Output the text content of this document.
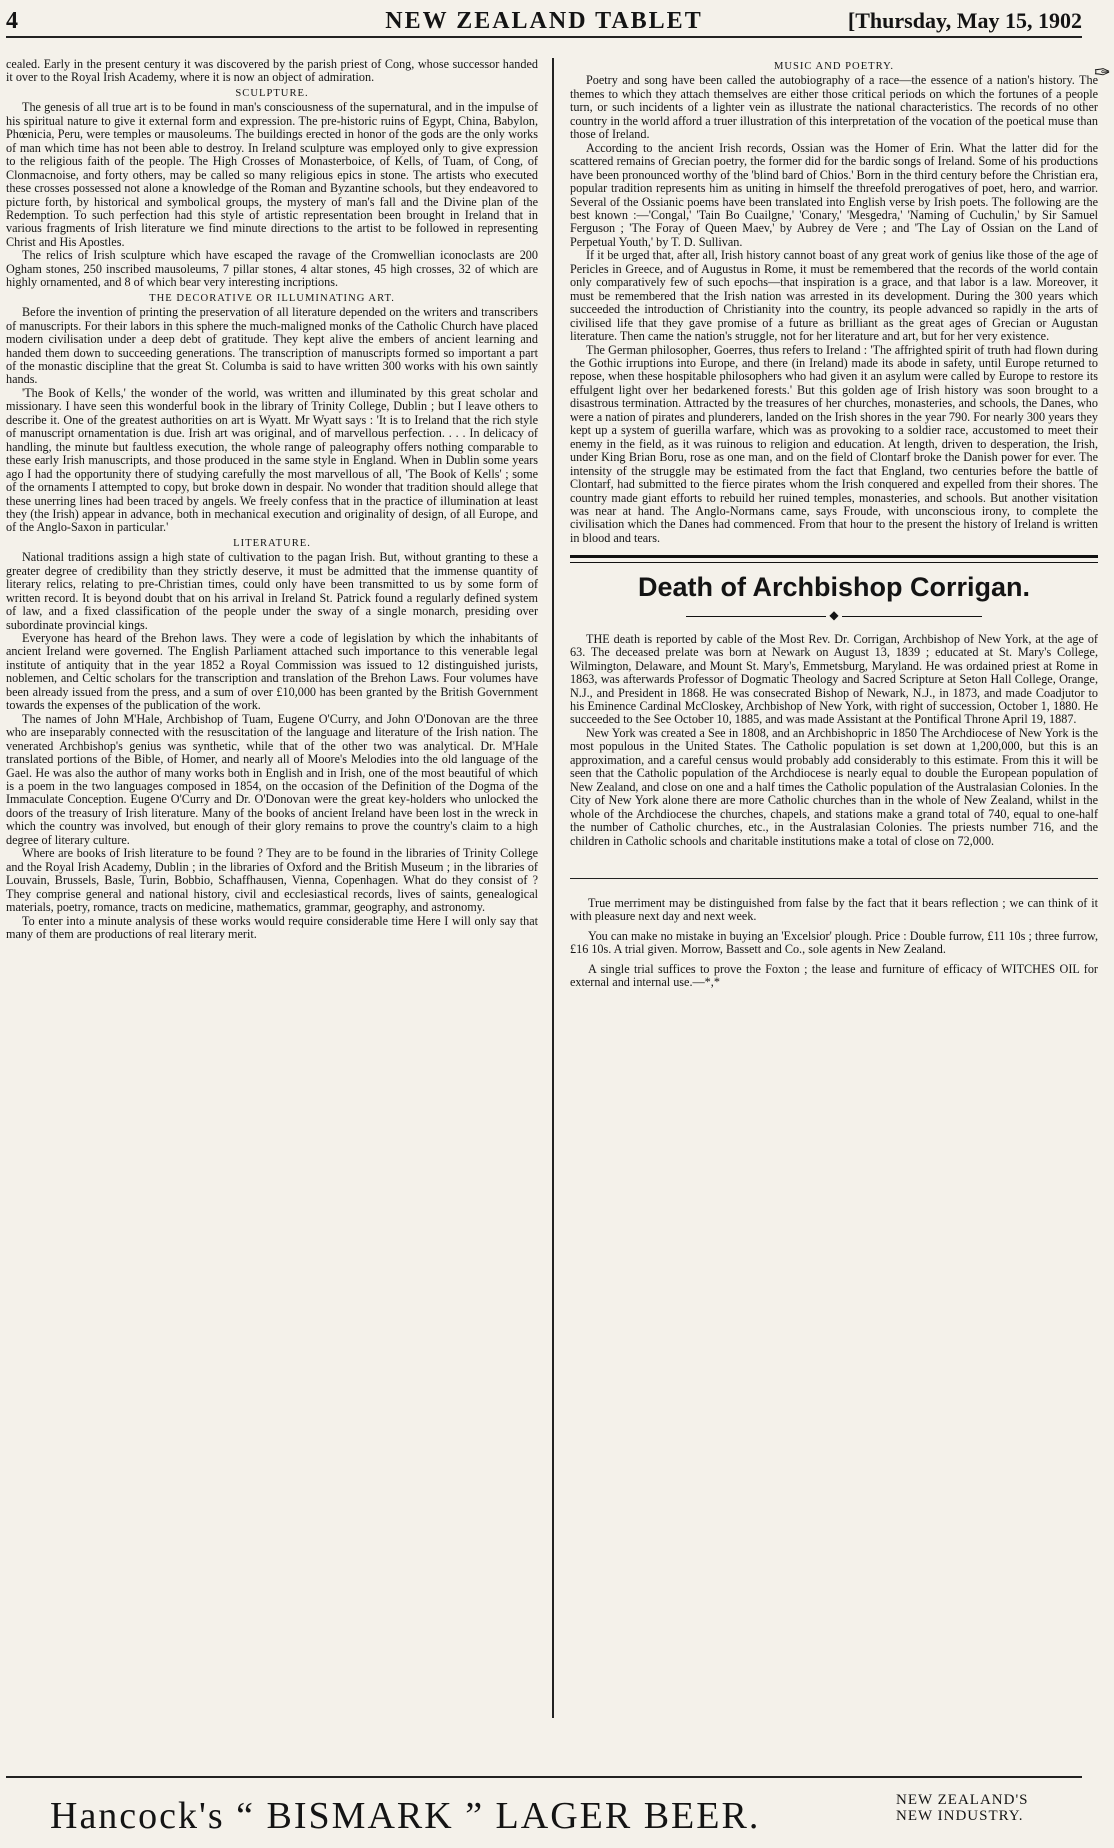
4	NEW ZEALAND TABLET	[Thursday, May 15, 1902
✑

cealed. Early in the present century it was discovered by the parish priest of Cong, whose successor handed it over to the Royal Irish Academy, where it is now an object of admiration.

SCULPTURE.

The genesis of all true art is to be found in man's consciousness of the supernatural, and in the impulse of his spiritual nature to give it external form and expression. The pre-historic ruins of Egypt, China, Babylon, Phœnicia, Peru, were temples or mausoleums. The buildings erected in honor of the gods are the only works of man which time has not been able to destroy. In Ireland sculpture was employed only to give expression to the religious faith of the people. The High Crosses of Monasterboice, of Kells, of Tuam, of Cong, of Clonmacnoise, and forty others, may be called so many religious epics in stone. The artists who executed these crosses possessed not alone a knowledge of the Roman and Byzantine schools, but they endeavored to picture forth, by historical and symbolical groups, the mystery of man's fall and the Divine plan of the Redemption. To such perfection had this style of artistic representation been brought in Ireland that in various fragments of Irish literature we find minute directions to the artist to be followed in representing Christ and His Apostles.

The relics of Irish sculpture which have escaped the ravage of the Cromwellian iconoclasts are 200 Ogham stones, 250 inscribed mausoleums, 7 pillar stones, 4 altar stones, 45 high crosses, 32 of which are highly ornamented, and 8 of which bear very interesting incriptions.

THE DECORATIVE OR ILLUMINATING ART.

Before the invention of printing the preservation of all literature depended on the writers and transcribers of manuscripts. For their labors in this sphere the much-maligned monks of the Catholic Church have placed modern civilisation under a deep debt of gratitude. They kept alive the embers of ancient learning and handed them down to succeeding generations. The transcription of manuscripts formed so important a part of the monastic discipline that the great St. Columba is said to have written 300 works with his own saintly hands.

'The Book of Kells,' the wonder of the world, was written and illuminated by this great scholar and missionary. I have seen this wonderful book in the library of Trinity College, Dublin ; but I leave others to describe it. One of the greatest authorities on art is Wyatt. Mr Wyatt says : 'It is to Ireland that the rich style of manuscript ornamentation is due. Irish art was original, and of marvellous perfection. . . . In delicacy of handling, the minute but faultless execution, the whole range of paleography offers nothing comparable to these early Irish manuscripts, and those produced in the same style in England. When in Dublin some years ago I had the opportunity there of studying carefully the most marvellous of all, 'The Book of Kells' ; some of the ornaments I attempted to copy, but broke down in despair. No wonder that tradition should allege that these unerring lines had been traced by angels. We freely confess that in the practice of illumination at least they (the Irish) appear in advance, both in mechanical execution and originality of design, of all Europe, and of the Anglo-Saxon in particular.'

LITERATURE.

National traditions assign a high state of cultivation to the pagan Irish. But, without granting to these a greater degree of credibility than they strictly deserve, it must be admitted that the immense quantity of literary relics, relating to pre-Christian times, could only have been transmitted to us by some form of written record. It is beyond doubt that on his arrival in Ireland St. Patrick found a regularly defined system of law, and a fixed classification of the people under the sway of a single monarch, presiding over subordinate provincial kings.

Everyone has heard of the Brehon laws. They were a code of legislation by which the inhabitants of ancient Ireland were governed. The English Parliament attached such importance to this venerable legal institute of antiquity that in the year 1852 a Royal Commission was issued to 12 distinguished jurists, noblemen, and Celtic scholars for the transcription and translation of the Brehon Laws. Four volumes have been already issued from the press, and a sum of over £10,000 has been granted by the British Government towards the expenses of the publication of the work.

The names of John M'Hale, Archbishop of Tuam, Eugene O'Curry, and John O'Donovan are the three who are inseparably connected with the resuscitation of the language and literature of the Irish nation. The venerated Archbishop's genius was synthetic, while that of the other two was analytical. Dr. M'Hale translated portions of the Bible, of Homer, and nearly all of Moore's Melodies into the old language of the Gael. He was also the author of many works both in English and in Irish, one of the most beautiful of which is a poem in the two languages composed in 1854, on the occasion of the Definition of the Dogma of the Immaculate Conception. Eugene O'Curry and Dr. O'Donovan were the great key-holders who unlocked the doors of the treasury of Irish literature. Many of the books of ancient Ireland have been lost in the wreck in which the country was involved, but enough of their glory remains to prove the country's claim to a high degree of literary culture.

Where are books of Irish literature to be found ? They are to be found in the libraries of Trinity College and the Royal Irish Academy, Dublin ; in the libraries of Oxford and the British Museum ; in the libraries of Louvain, Brussels, Basle, Turin, Bobbio, Schaffhausen, Vienna, Copenhagen. What do they consist of ? They comprise general and national history, civil and ecclesiastical records, lives of saints, genealogical materials, poetry, romance, tracts on medicine, mathematics, grammar, geography, and astronomy.

To enter into a minute analysis of these works would require considerable time Here I will only say that many of them are productions of real literary merit.

MUSIC AND POETRY.

Poetry and song have been called the autobiography of a race—the essence of a nation's history. The themes to which they attach themselves are either those critical periods on which the fortunes of a people turn, or such incidents of a lighter vein as illustrate the national characteristics. The records of no other country in the world afford a truer illustration of this interpretation of the vocation of the poetical muse than those of Ireland.

According to the ancient Irish records, Ossian was the Homer of Erin. What the latter did for the scattered remains of Grecian poetry, the former did for the bardic songs of Ireland. Some of his productions have been pronounced worthy of the 'blind bard of Chios.' Born in the third century before the Christian era, popular tradition represents him as uniting in himself the threefold prerogatives of poet, hero, and warrior. Several of the Ossianic poems have been translated into English verse by Irish poets. The following are the best known :—'Congal,' 'Tain Bo Cuailgne,' 'Conary,' 'Mesgedra,' 'Naming of Cuchulin,' by Sir Samuel Ferguson ; 'The Foray of Queen Maev,' by Aubrey de Vere ; and 'The Lay of Ossian on the Land of Perpetual Youth,' by T. D. Sullivan.

If it be urged that, after all, Irish history cannot boast of any great work of genius like those of the age of Pericles in Greece, and of Augustus in Rome, it must be remembered that the records of the world contain only comparatively few of such epochs—that inspiration is a grace, and that labor is a law. Moreover, it must be remembered that the Irish nation was arrested in its development. During the 300 years which succeeded the introduction of Christianity into the country, its people advanced so rapidly in the arts of civilised life that they gave promise of a future as brilliant as the great ages of Grecian or Augustan literature. Then came the nation's struggle, not for her literature and art, but for her very existence.

The German philosopher, Goerres, thus refers to Ireland : 'The affrighted spirit of truth had flown during the Gothic irruptions into Europe, and there (in Ireland) made its abode in safety, until Europe returned to repose, when these hospitable philosophers who had given it an asylum were called by Europe to restore its effulgent light over her bedarkened forests.' But this golden age of Irish history was soon brought to a disastrous termination. Attracted by the treasures of her churches, monasteries, and schools, the Danes, who were a nation of pirates and plunderers, landed on the Irish shores in the year 790. For nearly 300 years they kept up a system of guerilla warfare, which was as provoking to a soldier race, accustomed to meet their enemy in the field, as it was ruinous to religion and education. At length, driven to desperation, the Irish, under King Brian Boru, rose as one man, and on the field of Clontarf broke the Danish power for ever. The intensity of the struggle may be estimated from the fact that England, two centuries before the battle of Clontarf, had submitted to the fierce pirates whom the Irish conquered and expelled from their shores. The country made giant efforts to rebuild her ruined temples, monasteries, and schools. But another visitation was near at hand. The Anglo-Normans came, says Froude, with unconscious irony, to complete the civilisation which the Danes had commenced. From that hour to the present the history of Ireland is written in blood and tears.

Death of Archbishop Corrigan.
◆

THE death is reported by cable of the Most Rev. Dr. Corrigan, Archbishop of New York, at the age of 63. The deceased prelate was born at Newark on August 13, 1839 ; educated at St. Mary's College, Wilmington, Delaware, and Mount St. Mary's, Emmetsburg, Maryland. He was ordained priest at Rome in 1863, was afterwards Professor of Dogmatic Theology and Sacred Scripture at Seton Hall College, Orange, N.J., and President in 1868. He was consecrated Bishop of Newark, N.J., in 1873, and made Coadjutor to his Eminence Cardinal McCloskey, Archbishop of New York, with right of succession, October 1, 1880. He succeeded to the See October 10, 1885, and was made Assistant at the Pontifical Throne April 19, 1887.

New York was created a See in 1808, and an Archbishopric in 1850 The Archdiocese of New York is the most populous in the United States. The Catholic population is set down at 1,200,000, but this is an approximation, and a careful census would probably add considerably to this estimate. From this it will be seen that the Catholic population of the Archdiocese is nearly equal to double the European population of New Zealand, and close on one and a half times the Catholic population of the Australasian Colonies. In the City of New York alone there are more Catholic churches than in the whole of New Zealand, whilst in the whole of the Archdiocese the churches, chapels, and stations make a grand total of 740, equal to one-half the number of Catholic churches, etc., in the Australasian Colonies. The priests number 716, and the children in Catholic schools and charitable institutions make a total of close on 72,000.

True merriment may be distinguished from false by the fact that it bears reflection ; we can think of it with pleasure next day and next week.

You can make no mistake in buying an 'Excelsior' plough. Price : Double furrow, £11 10s ; three furrow, £16 10s. A trial given. Morrow, Bassett and Co., sole agents in New Zealand.

A single trial suffices to prove the Foxton ; the lease and furniture of efficacy of WITCHES OIL for external and internal use.—*,*

Hancock's “ BISMARK ” LAGER BEER.	NEW ZEALAND'S
NEW INDUSTRY.
